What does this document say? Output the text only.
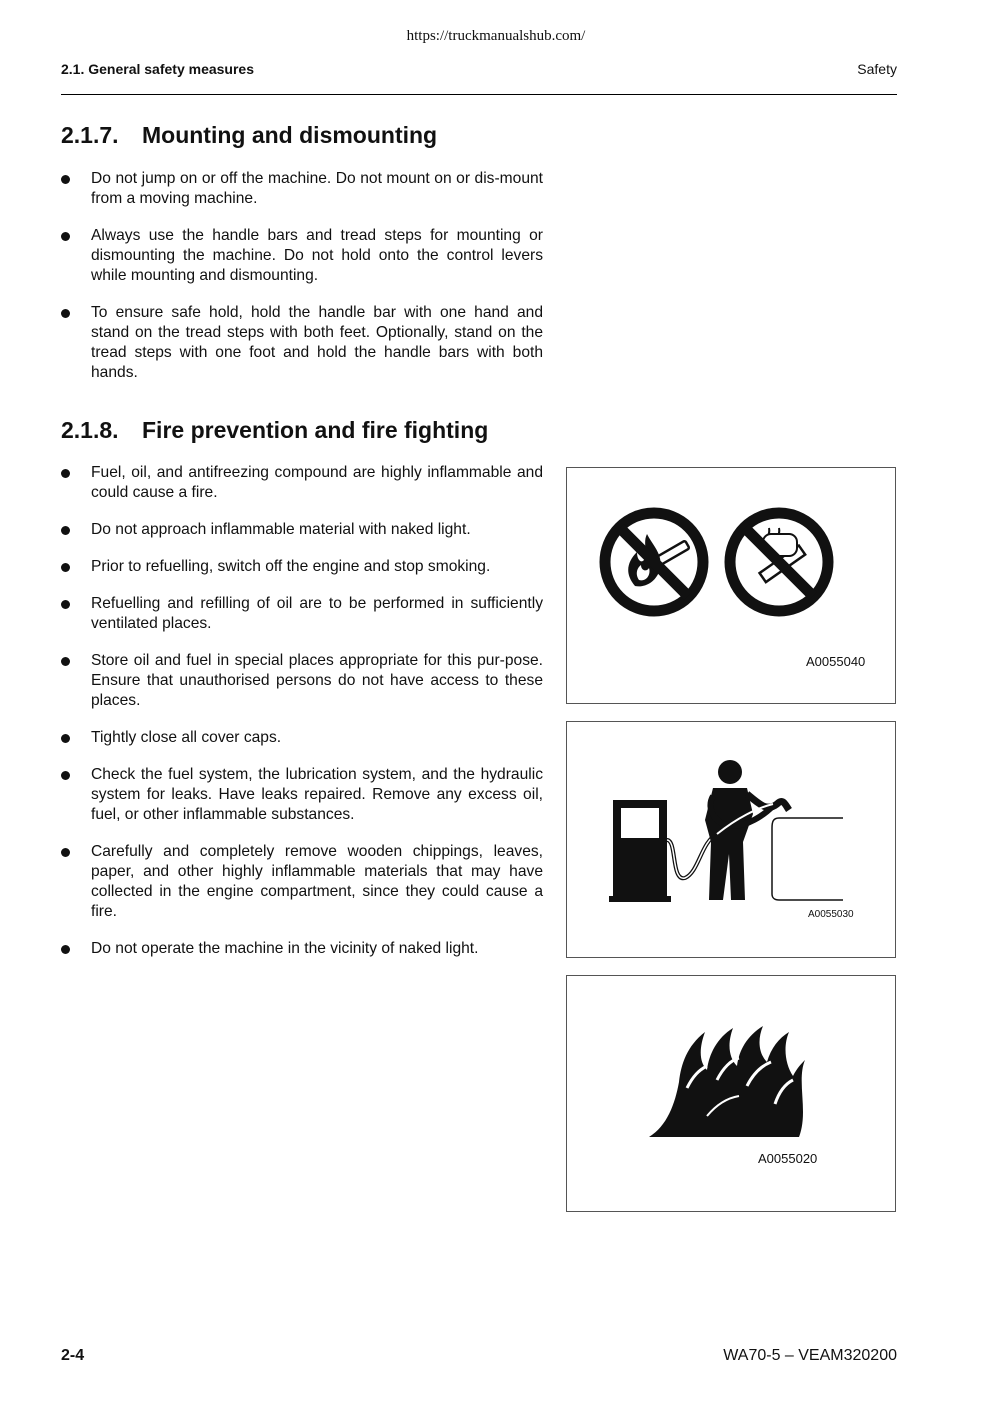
https://truckmanualshub.com/
2.1. General safety measures	Safety
2.1.7. Mounting and dismounting
Do not jump on or off the machine. Do not mount on or dis-mount from a moving machine.
Always use the handle bars and tread steps for mounting or dismounting the machine. Do not hold onto the control levers while mounting and dismounting.
To ensure safe hold, hold the handle bar with one hand and stand on the tread steps with both feet. Optionally, stand on the tread steps with one foot and hold the handle bars with both hands.
2.1.8. Fire prevention and fire fighting
Fuel, oil, and antifreezing compound are highly inflammable and could cause a fire.
Do not approach inflammable material with naked light.
Prior to refuelling, switch off the engine and stop smoking.
Refuelling and refilling of oil are to be performed in sufficiently ventilated places.
Store oil and fuel in special places appropriate for this pur-pose. Ensure that unauthorised persons do not have access to these places.
Tightly close all cover caps.
Check the fuel system, the lubrication system, and the hydraulic system for leaks. Have leaks repaired. Remove any excess oil, fuel, or other inflammable substances.
Carefully and completely remove wooden chippings, leaves, paper, and other highly inflammable materials that may have collected in the engine compartment, since they could cause a fire.
Do not operate the machine in the vicinity of naked light.
A0055040
A0055030
A0055020
2-4	WA70-5 – VEAM320200
